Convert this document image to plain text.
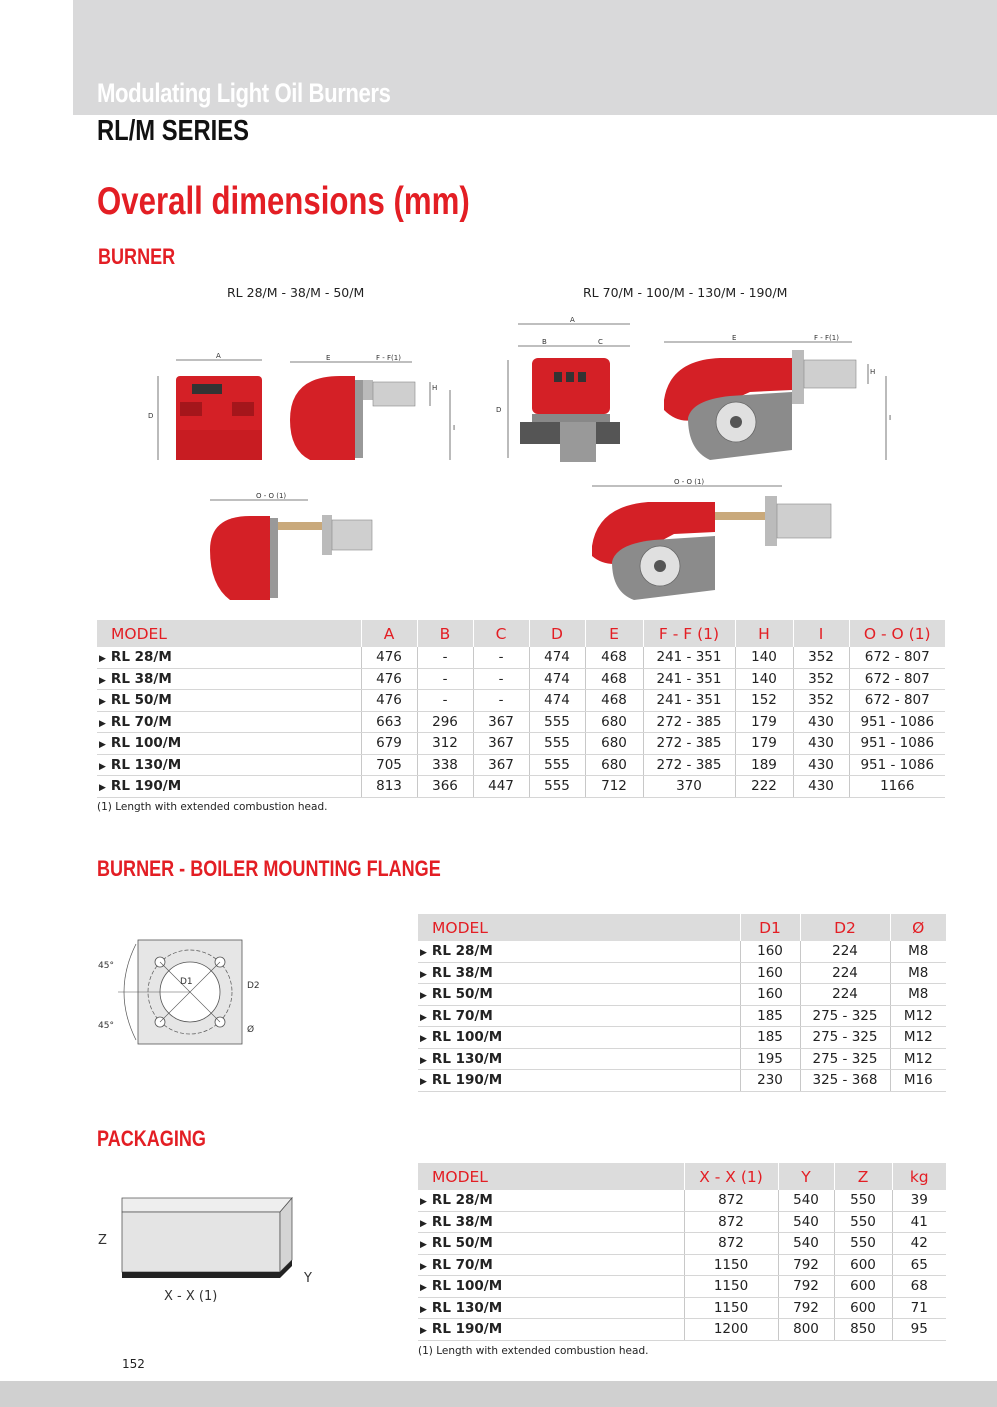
Modulating Light Oil Burners
RL/M SERIES
Overall dimensions (mm)
BURNER
RL 28/M - 38/M - 50/M	RL 70/M - 100/M - 130/M - 190/M
A
D
E	F - F(1)
H
I
O - O (1)
A
B	C
D
E	F - F(1)
H
I
O - O (1)
MODEL	A	B	C	D	E	F - F (1)	H	I	O - O (1)
▶ RL 28/M	476	-	-	474	468	241 - 351	140	352	672 - 807
▶ RL 38/M	476	-	-	474	468	241 - 351	140	352	672 - 807
▶ RL 50/M	476	-	-	474	468	241 - 351	152	352	672 - 807
▶ RL 70/M	663	296	367	555	680	272 - 385	179	430	951 - 1086
▶ RL 100/M	679	312	367	555	680	272 - 385	179	430	951 - 1086
▶ RL 130/M	705	338	367	555	680	272 - 385	189	430	951 - 1086
▶ RL 190/M	813	366	447	555	712	370	222	430	1166
(1) Length with extended combustion head.
BURNER - BOILER MOUNTING FLANGE
45°
45°
D1	D2
Ø
MODEL	D1	D2	Ø
▶ RL 28/M	160	224	M8
▶ RL 38/M	160	224	M8
▶ RL 50/M	160	224	M8
▶ RL 70/M	185	275 - 325	M12
▶ RL 100/M	185	275 - 325	M12
▶ RL 130/M	195	275 - 325	M12
▶ RL 190/M	230	325 - 368	M16
PACKAGING
Z
Y
X - X (1)
MODEL	X - X (1)	Y	Z	kg
▶ RL 28/M	872	540	550	39
▶ RL 38/M	872	540	550	41
▶ RL 50/M	872	540	550	42
▶ RL 70/M	1150	792	600	65
▶ RL 100/M	1150	792	600	68
▶ RL 130/M	1150	792	600	71
▶ RL 190/M	1200	800	850	95
(1) Length with extended combustion head.
152
